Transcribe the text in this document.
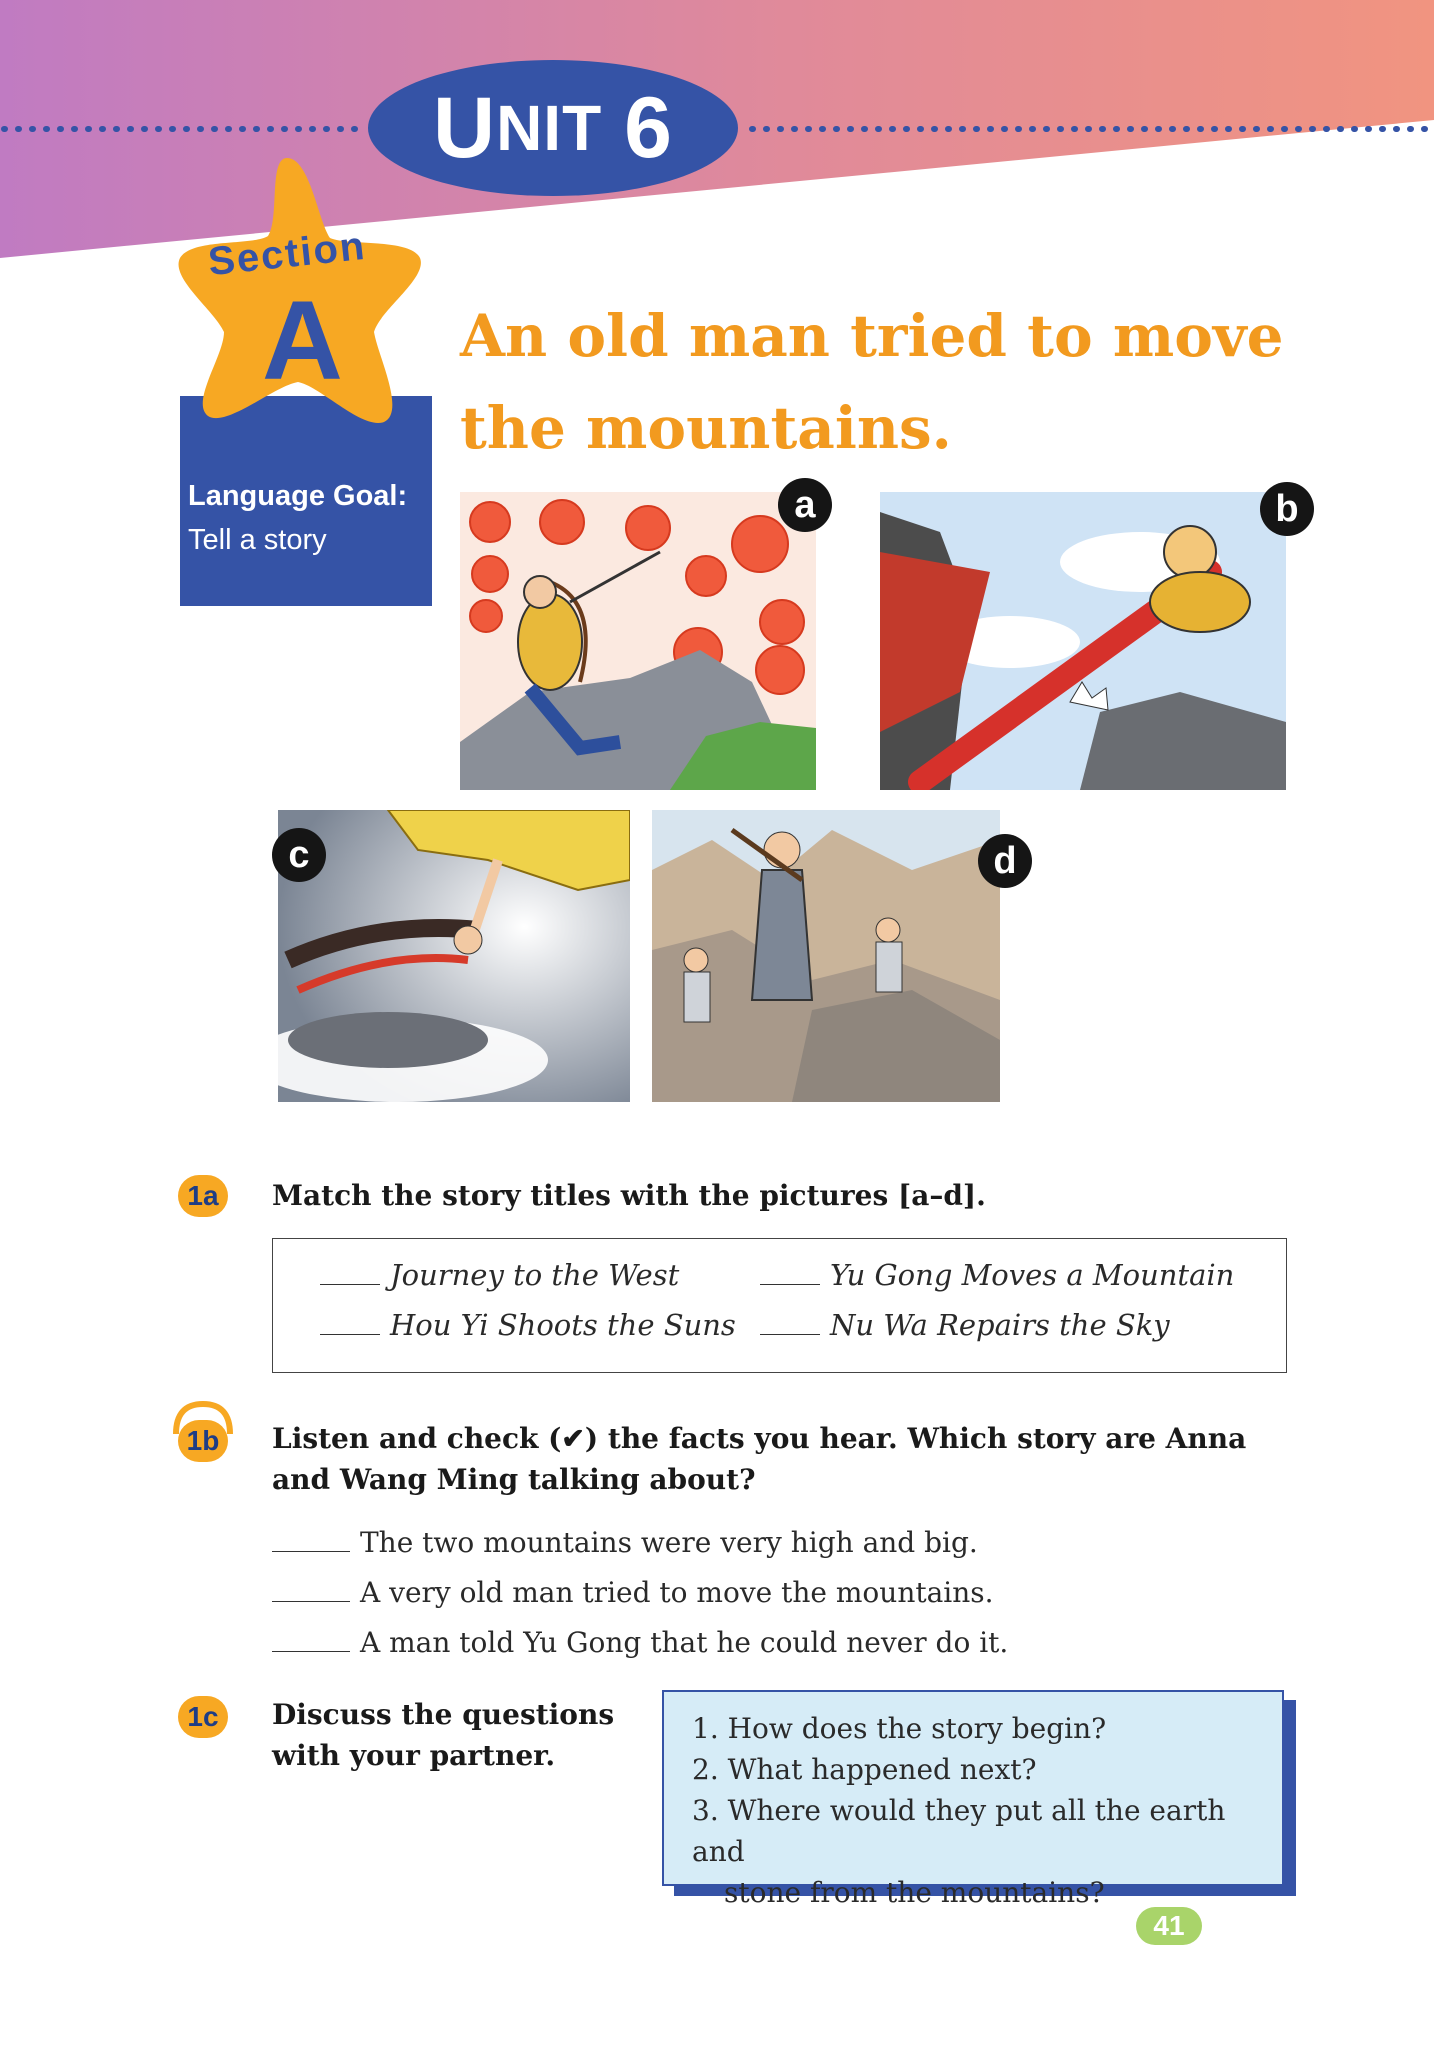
U NIT 6
Language Goal:
Tell a story
Section
A An old man tried to move the mountains.
a	b
c	d
1a	Match the story titles with the pictures [a–d].
Journey to the West	Yu Gong Moves a Mountain
Hou Yi Shoots the Suns	Nu Wa Repairs the Sky
1b	Listen and check (✔) the facts you hear. Which story are Anna and Wang Ming talking about?
The two mountains were very high and big.
A very old man tried to move the mountains.
A man told Yu Gong that he could never do it.
1c	Discuss the questions
with your partner.
1. How does the story begin?
2. What happened next?
3. Where would they put all the earth and
stone from the mountains?
41
